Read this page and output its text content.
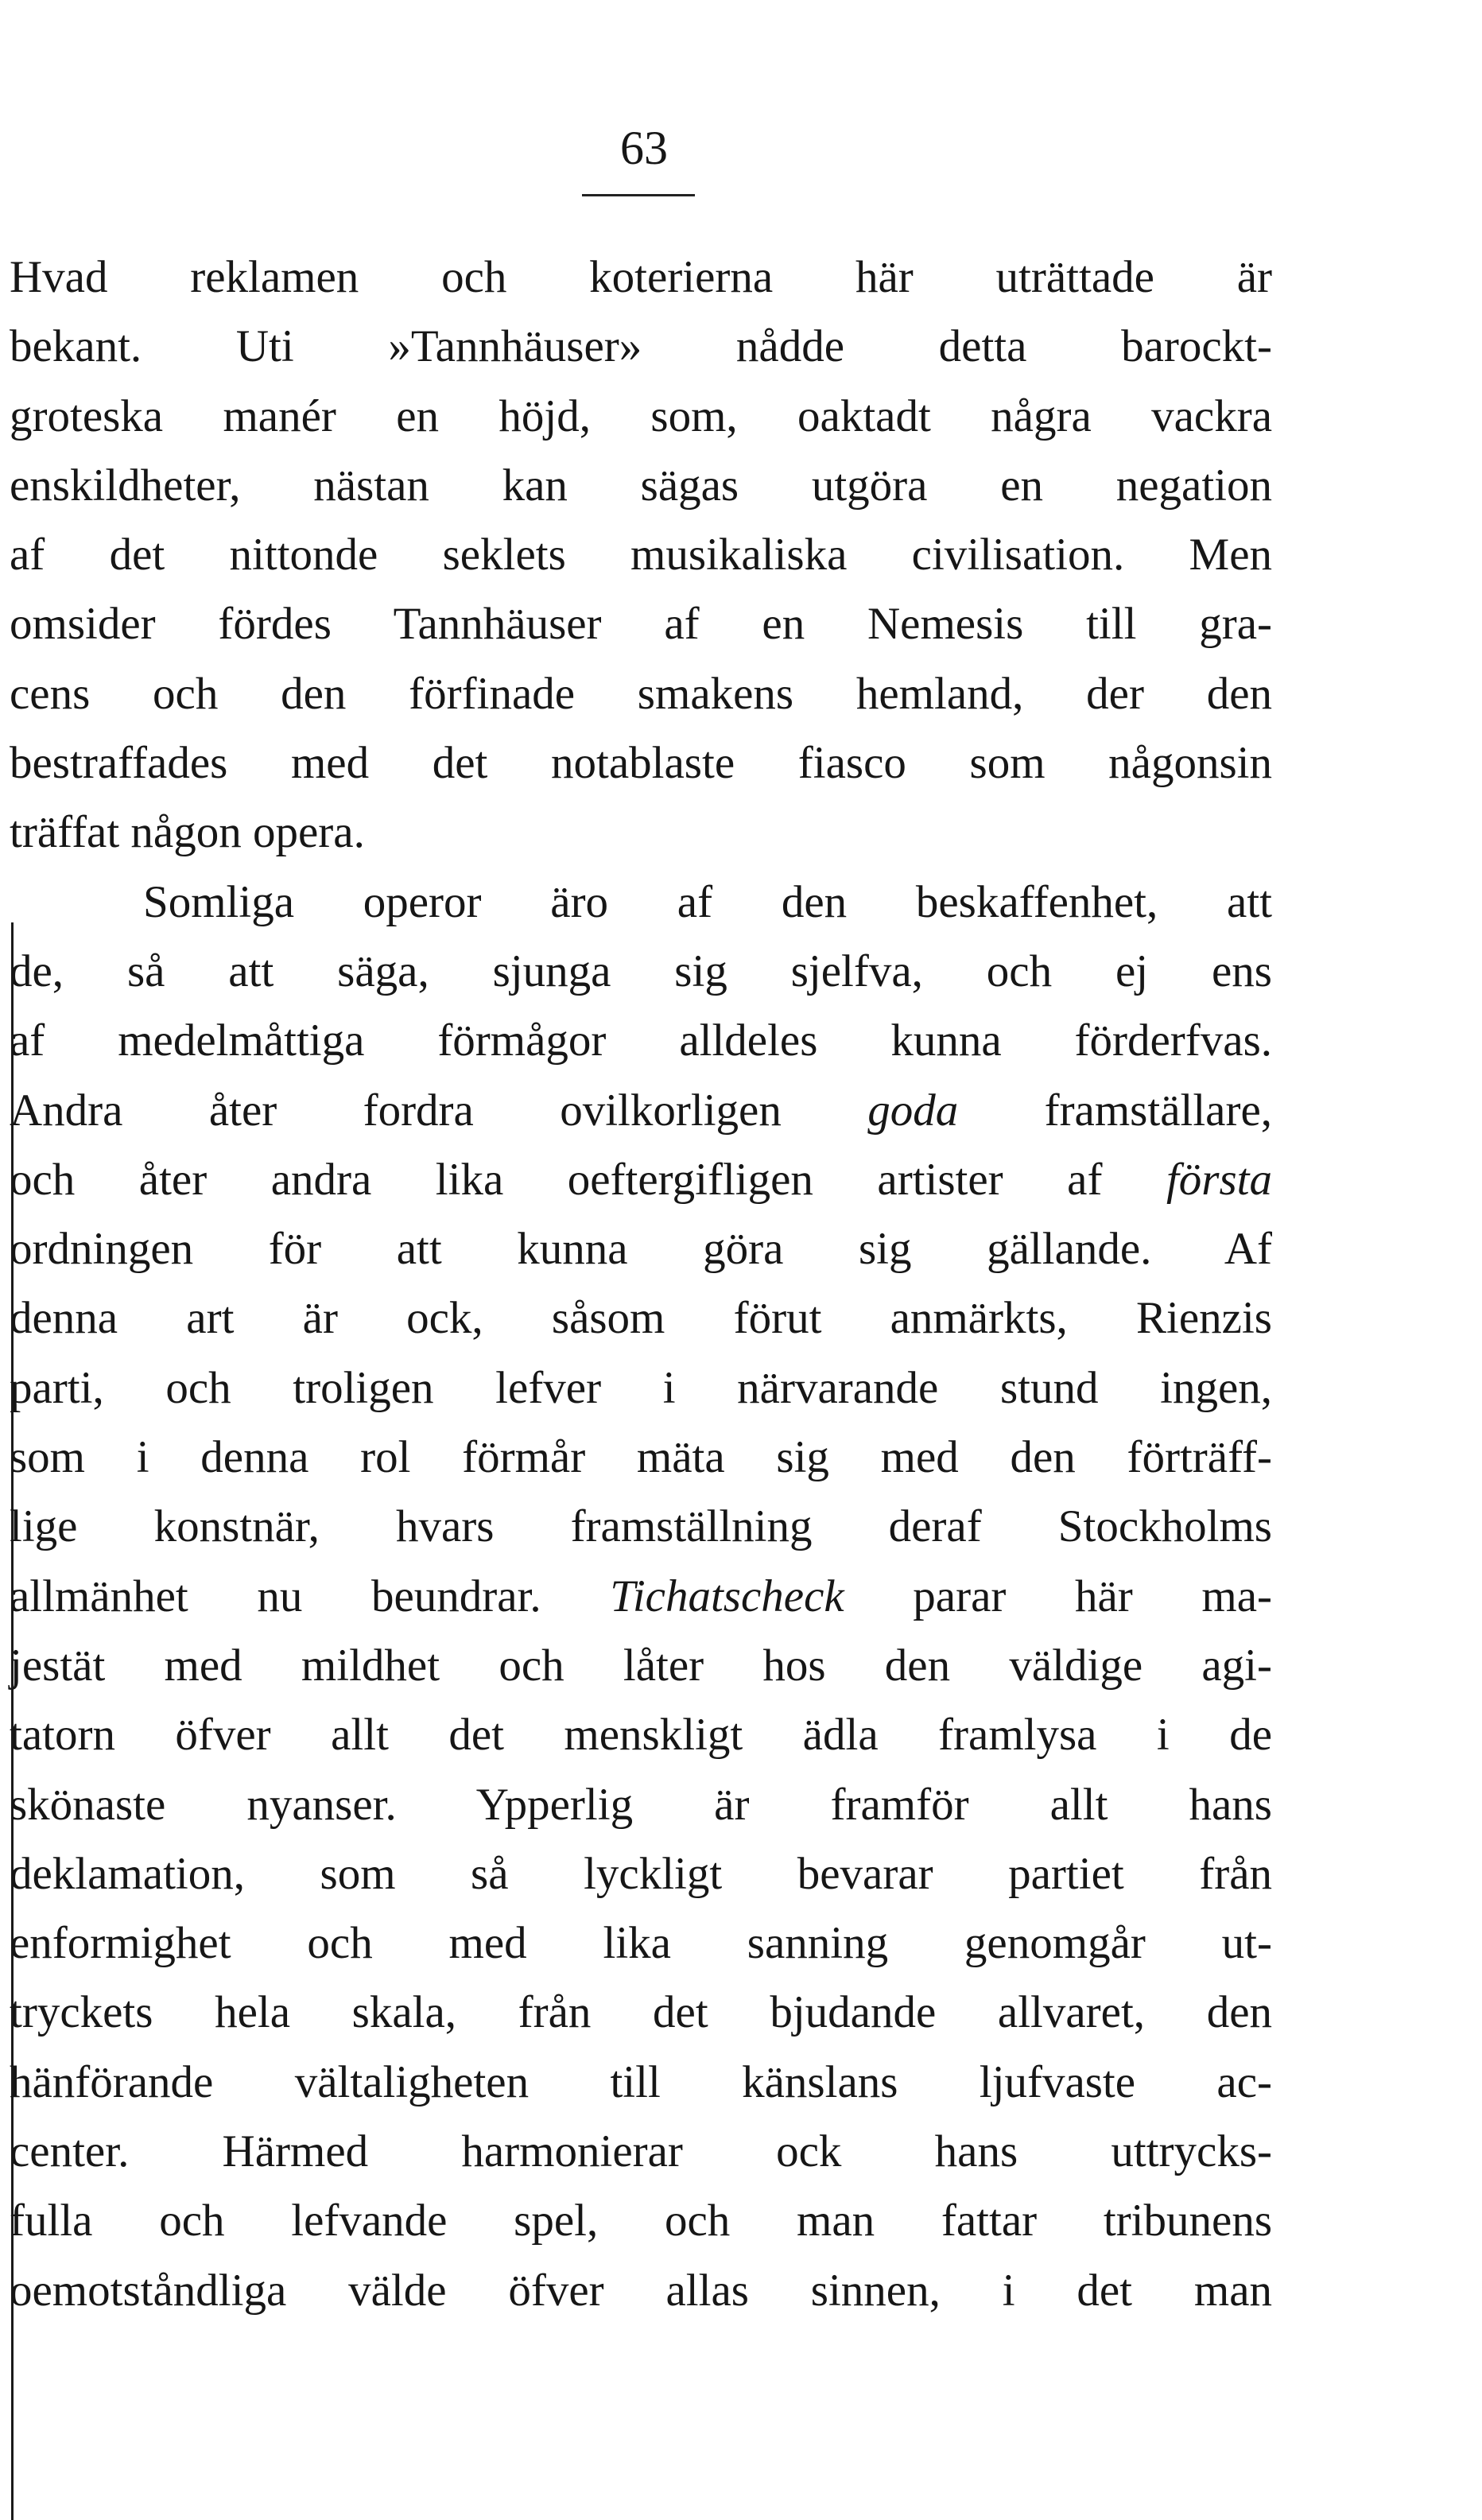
63
Hvad reklamen och koterierna här uträttade är
bekant. Uti »Tannhäuser» nådde detta barockt-
groteska manér en höjd, som, oaktadt några vackra
enskildheter, nästan kan sägas utgöra en negation
af det nittonde seklets musikaliska civilisation. Men
omsider fördes Tannhäuser af en Nemesis till gra-
cens och den förfinade smakens hemland, der den
bestraffades med det notablaste fiasco som någonsin
träffat någon opera.
Somliga operor äro af den beskaffenhet, att
de, så att säga, sjunga sig sjelfva, och ej ens
af medelmåttiga förmågor alldeles kunna förderfvas.
Andra åter fordra ovilkorligen goda framställare,
och åter andra lika oeftergifligen artister af första
ordningen för att kunna göra sig gällande. Af
denna art är ock, såsom förut anmärkts, Rienzis
parti, och troligen lefver i närvarande stund ingen,
som i denna rol förmår mäta sig med den förträff-
lige konstnär, hvars framställning deraf Stockholms
allmänhet nu beundrar. Tichatscheck parar här ma-
jestät med mildhet och låter hos den väldige agi-
tatorn öfver allt det menskligt ädla framlysa i de
skönaste nyanser. Ypperlig är framför allt hans
deklamation, som så lyckligt bevarar partiet från
enformighet och med lika sanning genomgår ut-
tryckets hela skala, från det bjudande allvaret, den
hänförande vältaligheten till känslans ljufvaste ac-
center. Härmed harmonierar ock hans uttrycks-
fulla och lefvande spel, och man fattar tribunens
oemotståndliga välde öfver allas sinnen, i det man
